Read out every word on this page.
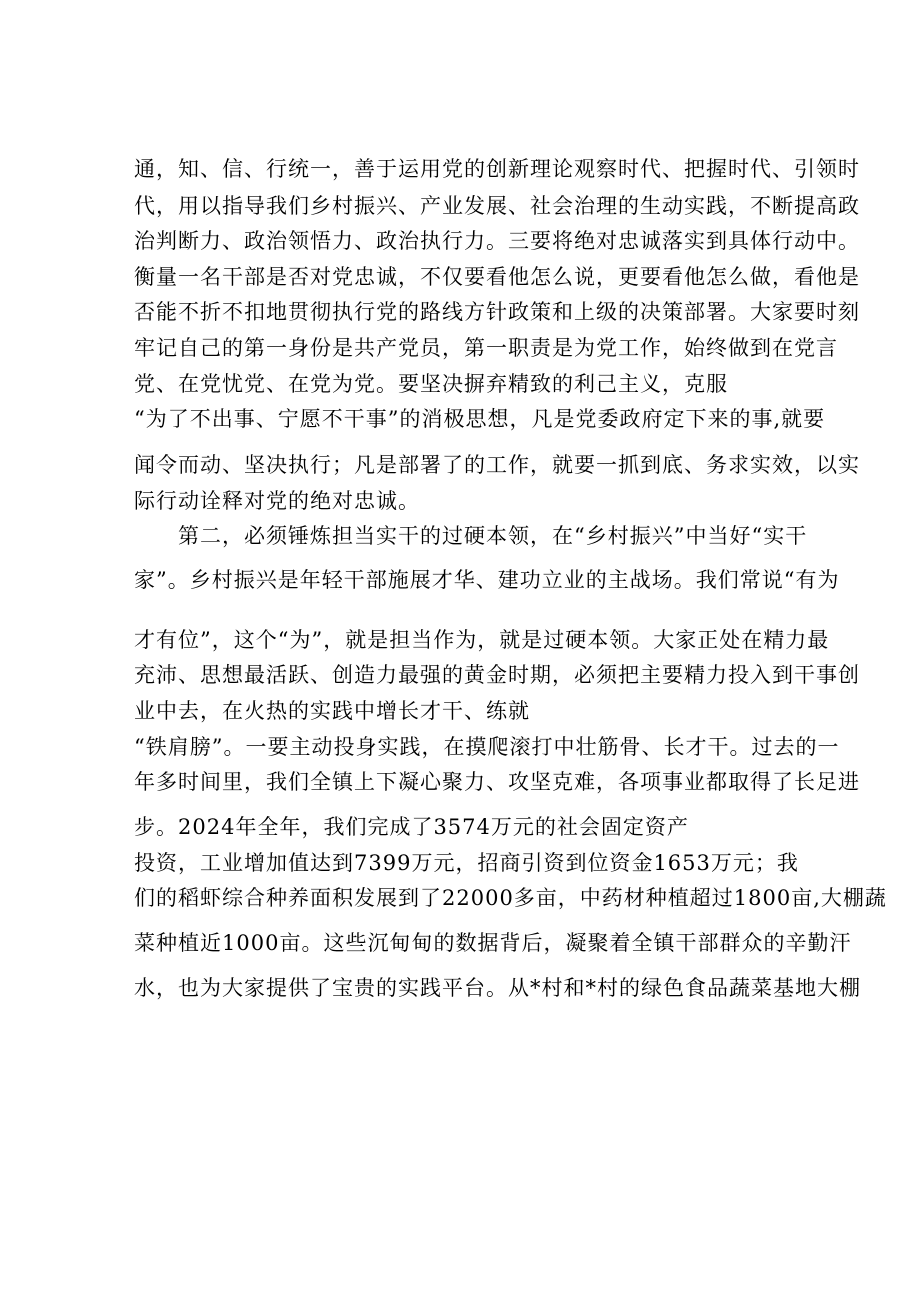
通，知、信、行统一，善于运用党的创新理论观察时代、把握时代、引领时
代，用以指导我们乡村振兴、产业发展、社会治理的生动实践，不断提高政
治判断力、政治领悟力、政治执行力。三要将绝对忠诚落实到具体行动中。
衡量一名干部是否对党忠诚，不仅要看他怎么说，更要看他怎么做，看他是
否能不折不扣地贯彻执行党的路线方针政策和上级的决策部署。大家要时刻
牢记自己的第一身份是共产党员，第一职责是为党工作，始终做到在党言
党、在党忧党、在党为党。要坚决摒弃精致的利己主义，克服
“为了不出事、宁愿不干事”的消极思想，凡是党委政府定下来的事,就要
闻令而动、坚决执行；凡是部署了的工作，就要一抓到底、务求实效，以实
际行动诠释对党的绝对忠诚。
　　第二，必须锤炼担当实干的过硬本领，在“乡村振兴”中当好“实干
家”。乡村振兴是年轻干部施展才华、建功立业的主战场。我们常说“有为
才有位”，这个“为”，就是担当作为，就是过硬本领。大家正处在精力最
充沛、思想最活跃、创造力最强的黄金时期，必须把主要精力投入到干事创
业中去，在火热的实践中增长才干、练就
“铁肩膀”。一要主动投身实践，在摸爬滚打中壮筋骨、长才干。过去的一
年多时间里，我们全镇上下凝心聚力、攻坚克难，各项事业都取得了长足进
步。2024年全年，我们完成了3574万元的社会固定资产
投资，工业增加值达到7399万元，招商引资到位资金1653万元；我
们的稻虾综合种养面积发展到了22000多亩，中药材种植超过1800亩,大棚蔬
菜种植近1000亩。这些沉甸甸的数据背后，凝聚着全镇干部群众的辛勤汗
水，也为大家提供了宝贵的实践平台。从*村和*村的绿色食品蔬菜基地大棚
